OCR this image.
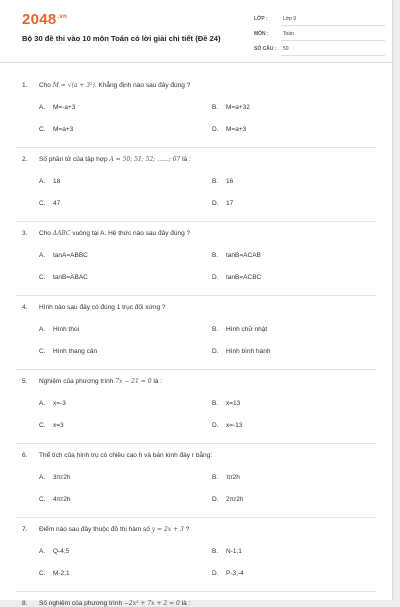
$2048^{.vn}$
Bộ 30 đề thi vào 10 môn Toán có lời giải chi tiết (Đề 24)
LỚP :	Lớp 9
MÔN :	Toán
SỐ CÂU : 50
1. Cho M = √(a + 3²). Khẳng định nào sau đây đúng ?
A. M=-a+3	B. M=a+32
C. M=a+3	D. M=a+3
2. Số phần tử của tập hợp A = 50; 51; 52; ......; 67 là :
A. 18	B. 16
C. 47	D. 17
3. Cho ΔABC vuông tại A. Hệ thức nào sau đây đúng ?
A. tanA=ABBC	B. tanB=ACAB
C. tanB=ABAC	D. tanB=ACBC
4. Hình nào sau đây có đúng 1 trục đối xứng ?
A. Hình thoi	B. Hình chữ nhật
C. Hình thang cân	D. Hình bình hành
5. Nghiệm của phương trình 7x − 21 = 0 là :
A. x=-3	B. x=13
C. x=3	D. x=-13
6. Thể tích của hình trụ có chiều cao h và bán kính đáy r bằng:
A. 3πr2h	B. πr2h
C. 4πr2h	D. 2πr2h
7. Điểm nào sau đây thuộc đồ thị hàm số y = 2x + 3 ?
A. Q-4;5	B. N-1;1
C. M-2;1	D. P-3;-4
8. Số nghiệm của phương trình −2x² + 7x + 2 = 0 là :
